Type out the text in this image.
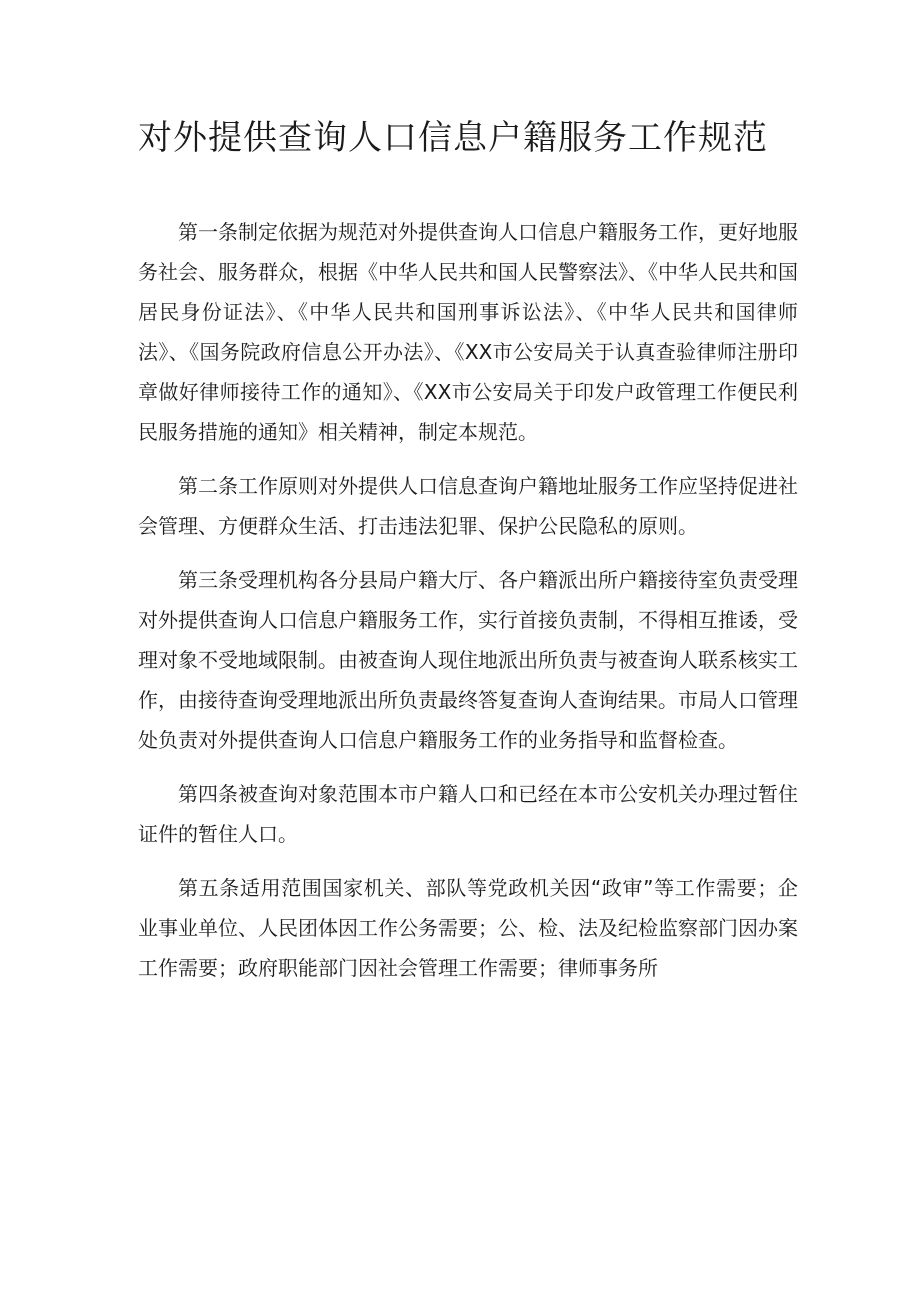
对外提供查询人口信息户籍服务工作规范

第一条制定依据为规范对外提供查询人口信息户籍服务工作，更好地服务社会、服务群众，根据《中华人民共和国人民警察法》、《中华人民共和国居民身份证法》、《中华人民共和国刑事诉讼法》、《中华人民共和国律师法》、《国务院政府信息公开办法》、《XX市公安局关于认真查验律师注册印章做好律师接待工作的通知》、《XX市公安局关于印发户政管理工作便民利民服务措施的通知》相关精神，制定本规范。

第二条工作原则对外提供人口信息查询户籍地址服务工作应坚持促进社会管理、方便群众生活、打击违法犯罪、保护公民隐私的原则。

第三条受理机构各分县局户籍大厅、各户籍派出所户籍接待室负责受理对外提供查询人口信息户籍服务工作，实行首接负责制，不得相互推诿，受理对象不受地域限制。由被查询人现住地派出所负责与被查询人联系核实工作，由接待查询受理地派出所负责最终答复查询人查询结果。市局人口管理处负责对外提供查询人口信息户籍服务工作的业务指导和监督检查。

第四条被查询对象范围本市户籍人口和已经在本市公安机关办理过暂住证件的暂住人口。

第五条适用范围国家机关、部队等党政机关因“政审”等工作需要；企业事业单位、人民团体因工作公务需要；公、检、法及纪检监察部门因办案工作需要；政府职能部门因社会管理工作需要；律师事务所
